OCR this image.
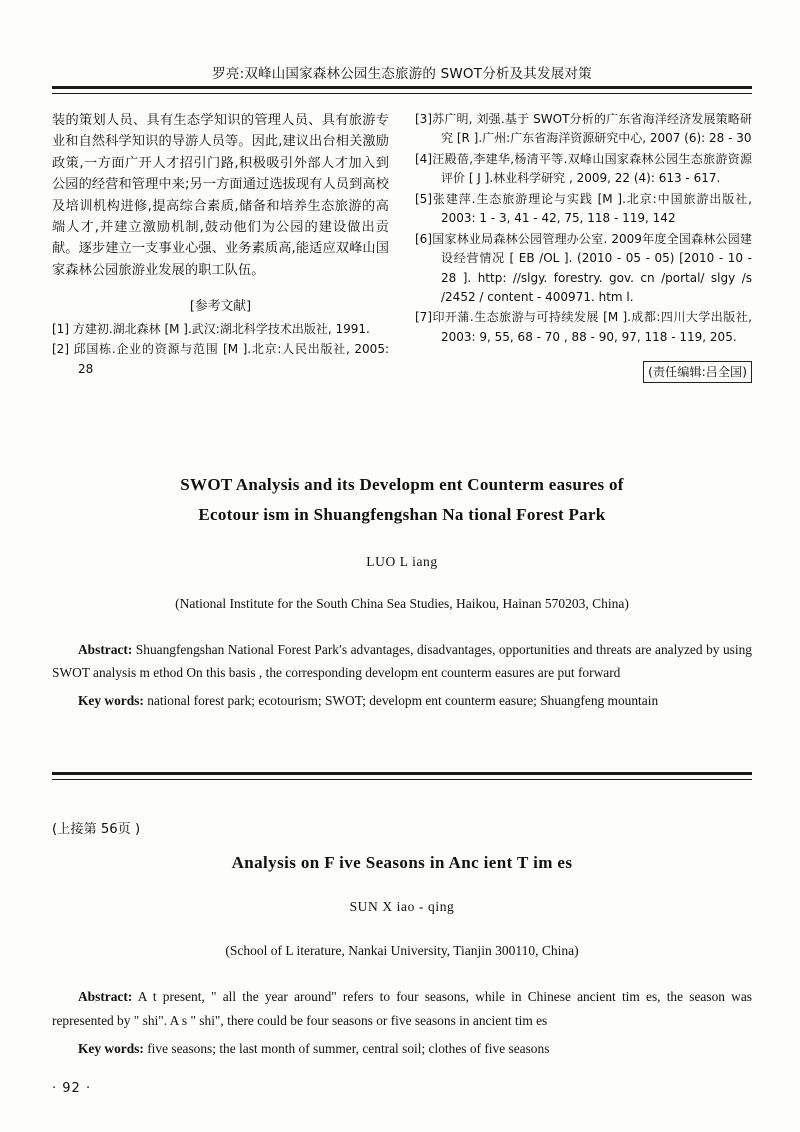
罗亮:双峰山国家森林公园生态旅游的 SWOT分析及其发展对策

装的策划人员、具有生态学知识的管理人员、具有旅游专业和自然科学知识的导游人员等。因此,建议出台相关激励政策,一方面广开人才招引门路,积极吸引外部人才加入到公园的经营和管理中来;另一方面通过选拔现有人员到高校及培训机构进修,提高综合素质,储备和培养生态旅游的高端人才,并建立激励机制,鼓动他们为公园的建设做出贡献。逐步建立一支事业心强、业务素质高,能适应双峰山国家森林公园旅游业发展的职工队伍。

[参考文献]
[1] 方建初.湖北森林 [M ].武汉:湖北科学技术出版社, 1991.
[2] 邱国栋.企业的资源与范围 [M ].北京:人民出版社, 2005: 28
[3]苏广明, 刘强.基于 SWOT分析的广东省海洋经济发展策略研究 [R ].广州:广东省海洋资源研究中心, 2007 (6): 28 - 30
[4]汪殿蓓,李建华,杨清平等.双峰山国家森林公园生态旅游资源评价 [ J ].林业科学研究 , 2009, 22 (4): 613 - 617.
[5]张建萍.生态旅游理论与实践 [M ].北京:中国旅游出版社, 2003: 1 - 3, 41 - 42, 75, 118 - 119, 142
[6]国家林业局森林公园管理办公室. 2009年度全国森林公园建设经营情况 [ EB /OL ]. (2010 - 05 - 05) [2010 - 10 - 28 ]. http: //slgy. forestry. gov. cn /portal/ slgy /s /2452 / content - 400971. htm l.
[7]印开蒲.生态旅游与可持续发展 [M ].成都:四川大学出版社, 2003: 9, 55, 68 - 70 , 88 - 90, 97, 118 - 119, 205.
(责任编辑:吕全国)
SWOT Analysis and its Developm ent Counterm easures of
Ecotour ism in Shuangfengshan Na tional Forest Park
LUO L iang
(National Institute for the South China Sea Studies, Haikou, Hainan 570203, China)
Abstract: Shuangfengshan National Forest Park′s advantages, disadvantages, opportunities and threats are analyzed by using SWOT analysis m ethod On this basis , the corresponding developm ent counterm easures are put forward
Key words: national forest park; ecotourism; SWOT; developm ent counterm easure; Shuangfeng mountain
(上接第 56页 )
Analysis on F ive Seasons in Anc ient T im es
SUN X iao - qing
(School of L iterature, Nankai University, Tianjin 300110, China)
Abstract: A t present, " all the year around" refers to four seasons, while in Chinese ancient tim es, the season was represented by " shi". A s " shi", there could be four seasons or five seasons in ancient tim es
Key words: five seasons; the last month of summer, central soil; clothes of five seasons
· 92 ·
